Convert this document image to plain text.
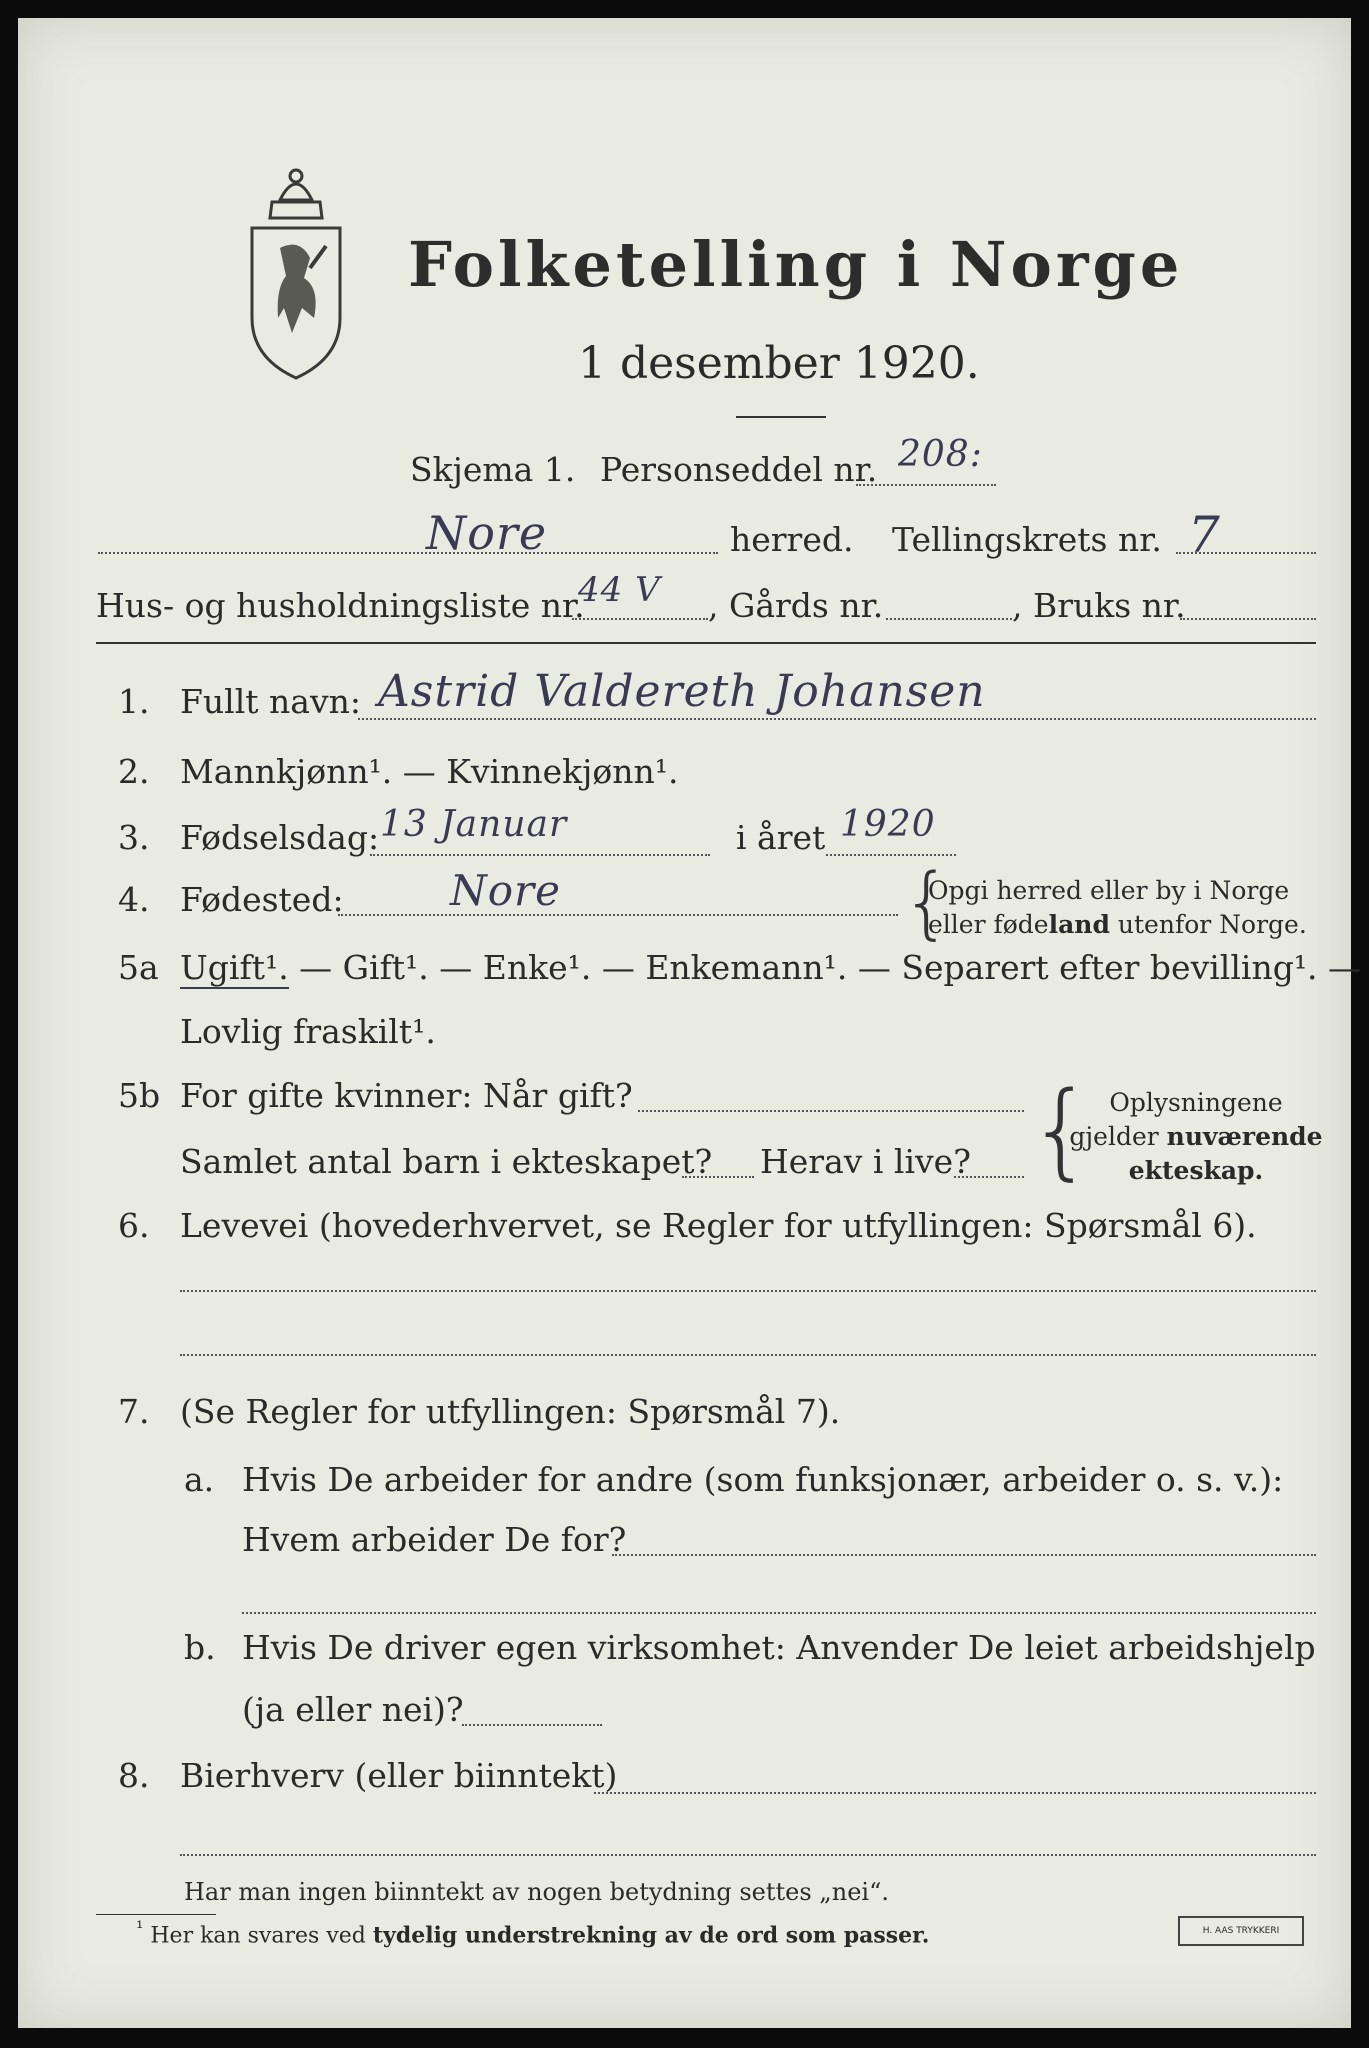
Folketelling i Norge
1 desember 1920.
Skjema 1. Personseddel nr. 208:
Nore	herred. Tellingskrets nr. 7
Hus- og husholdningsliste nr.
44 V , Gårds nr.	, Bruks nr.
1. Fullt navn: Astrid Valdereth Johansen
2. Mannkjønn¹. — Kvinnekjønn¹.
3. Fødselsdag: 13 Januar	i året 1920
4. Fødested:	Nore	{
Opgi herred eller by i Norge
eller fødeland utenfor Norge.
5a Ugift¹. — Gift¹. — Enke¹. — Enkemann¹. — Separert efter bevilling¹. —
Lovlig fraskilt¹.
5b For gifte kvinner: Når gift?
Samlet antal barn i ekteskapet? Herav i live? { Oplysningene
gjelder nuværende
ekteskap.
6. Levevei (hovederhvervet, se Regler for utfyllingen: Spørsmål 6).
7. (Se Regler for utfyllingen: Spørsmål 7).
a. Hvis De arbeider for andre (som funksjonær, arbeider o. s. v.):
Hvem arbeider De for?
b. Hvis De driver egen virksomhet: Anvender De leiet arbeidshjelp
(ja eller nei)?
8. Bierhverv (eller biinntekt)
Har man ingen biinntekt av nogen betydning settes „nei“.
$^{^1}$ Her kan svares ved tydelig understrekning av de ord som passer.	H. AAS TRYKKERI
